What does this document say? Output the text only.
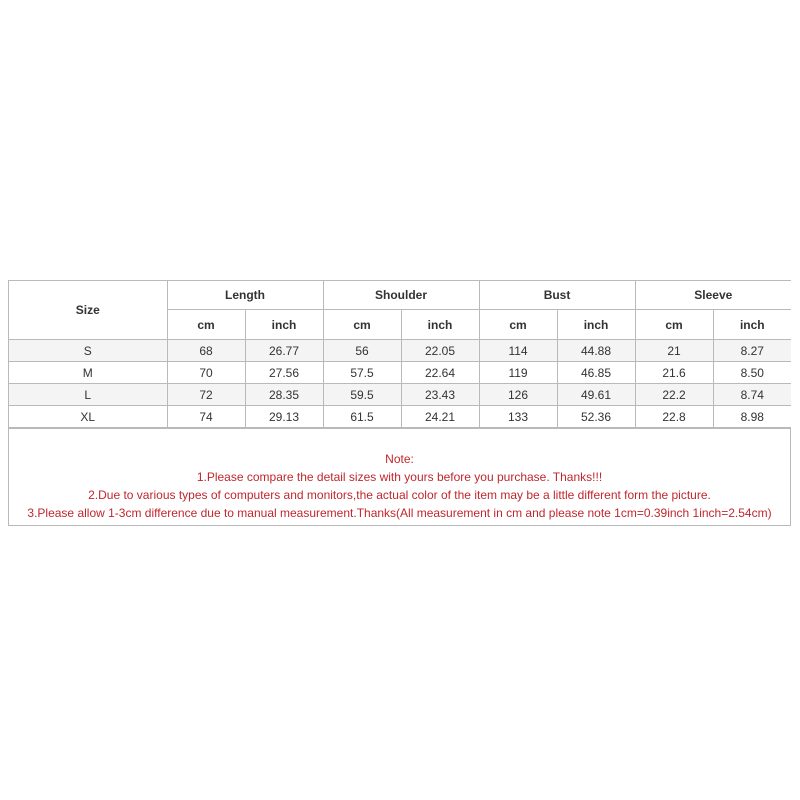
Size	Length		Shoulder		Bust		Sleeve	
	cm	inch	cm	inch	cm	inch	cm	inch
S	68	26.77	56	22.05	114	44.88	21	8.27
M	70	27.56	57.5	22.64	119	46.85	21.6	8.50
L	72	28.35	59.5	23.43	126	49.61	22.2	8.74
XL	74	29.13	61.5	24.21	133	52.36	22.8	8.98
Note:
1.Please compare the detail sizes with yours before you purchase. Thanks!!!
2.Due to various types of computers and monitors,the actual color of the item may be a little different form the picture.
3.Please allow 1-3cm difference due to manual measurement.Thanks(All measurement in cm and please note 1cm=0.39inch 1inch=2.54cm)
